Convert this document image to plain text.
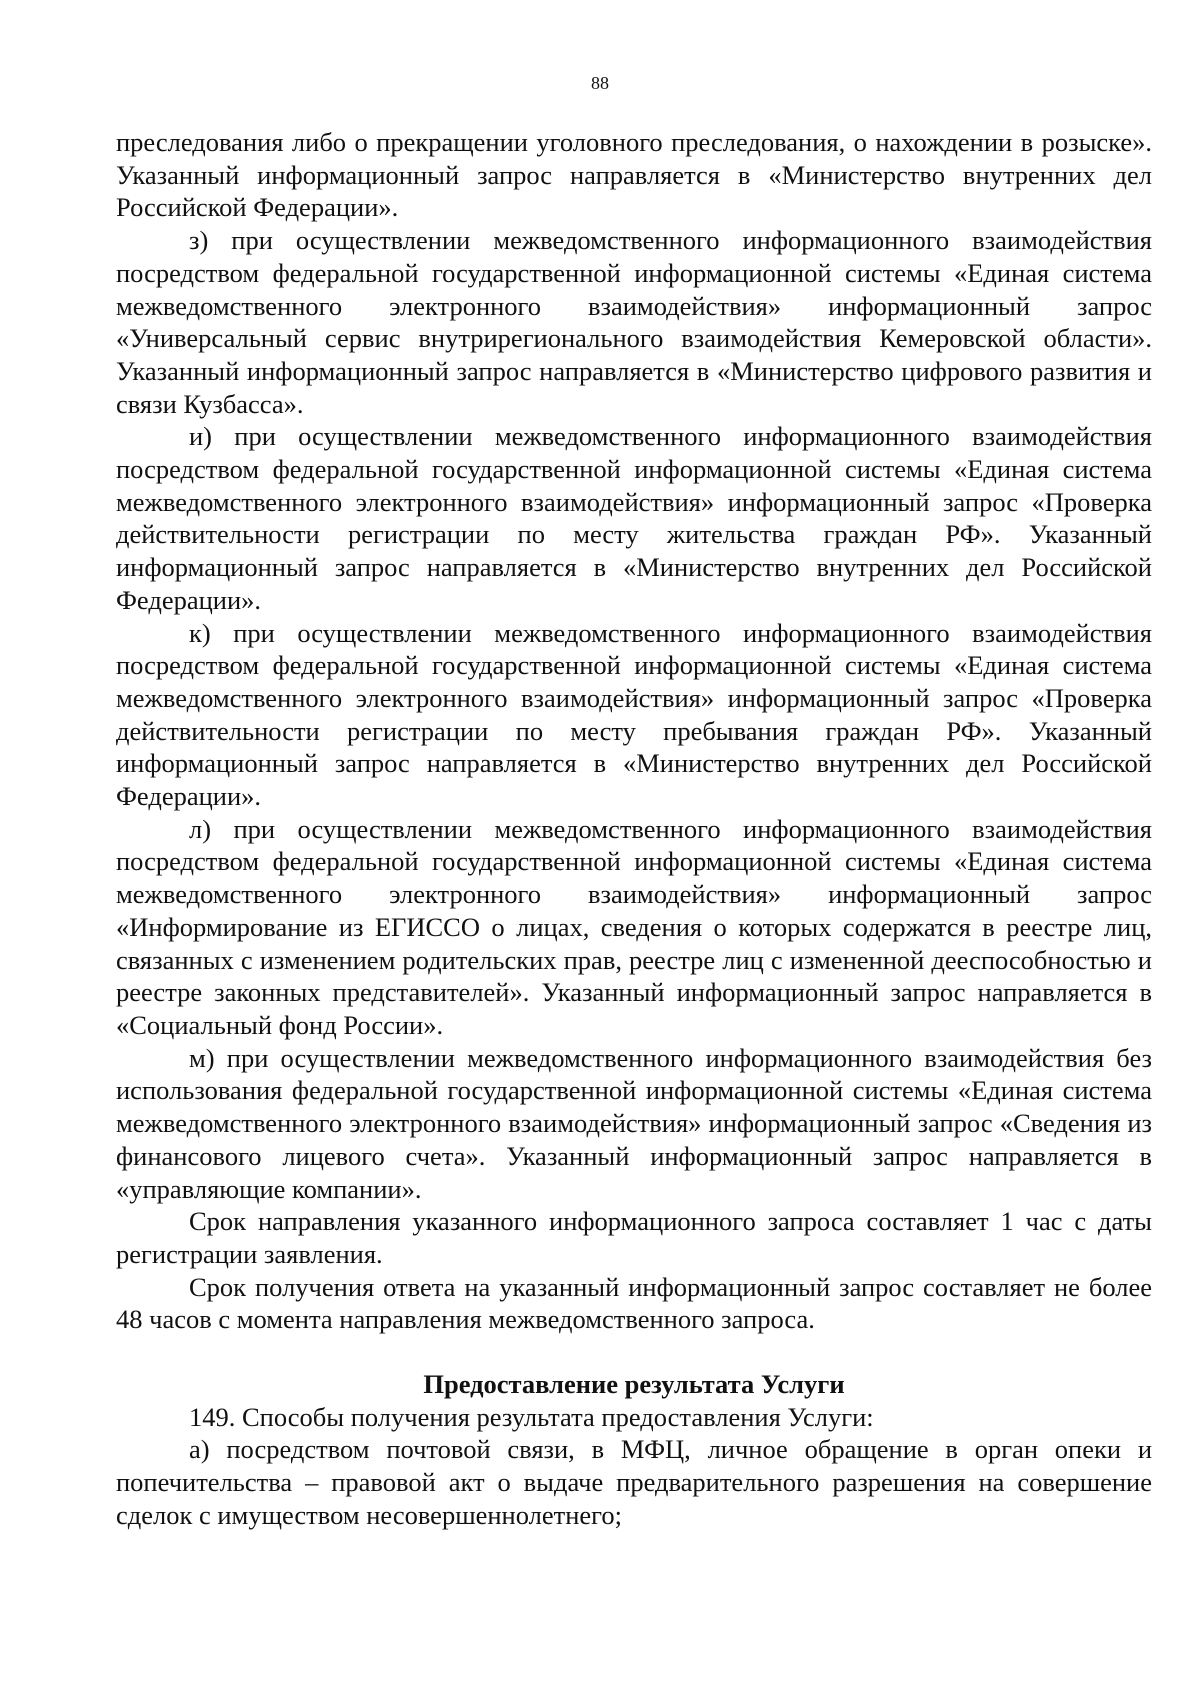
88

преследования либо о прекращении уголовного преследования, о нахождении в розыске». Указанный информационный запрос направляется в «Министерство внутренних дел Российской Федерации».

з) при осуществлении межведомственного информационного взаимодействия посредством федеральной государственной информационной системы «Единая система межведомственного электронного взаимодействия» информационный запрос «Универсальный сервис внутрирегионального взаимодействия Кемеровской области». Указанный информационный запрос направляется в «Министерство цифрового развития и связи Кузбасса».

и) при осуществлении межведомственного информационного взаимодействия посредством федеральной государственной информационной системы «Единая система межведомственного электронного взаимодействия» информационный запрос «Проверка действительности регистрации по месту жительства граждан РФ». Указанный информационный запрос направляется в «Министерство внутренних дел Российской Федерации».

к) при осуществлении межведомственного информационного взаимодействия посредством федеральной государственной информационной системы «Единая система межведомственного электронного взаимодействия» информационный запрос «Проверка действительности регистрации по месту пребывания граждан РФ». Указанный информационный запрос направляется в «Министерство внутренних дел Российской Федерации».

л) при осуществлении межведомственного информационного взаимодействия посредством федеральной государственной информационной системы «Единая система межведомственного электронного взаимодействия» информационный запрос «Информирование из ЕГИССО о лицах, сведения о которых содержатся в реестре лиц, связанных с изменением родительских прав, реестре лиц с измененной дееспособностью и реестре законных представителей». Указанный информационный запрос направляется в «Социальный фонд России».

м) при осуществлении межведомственного информационного взаимодействия без использования федеральной государственной информационной системы «Единая система межведомственного электронного взаимодействия» информационный запрос «Сведения из финансового лицевого счета». Указанный информационный запрос направляется в «управляющие компании».

Срок направления указанного информационного запроса составляет 1 час с даты регистрации заявления.

Срок получения ответа на указанный информационный запрос составляет не более 48 часов с момента направления межведомственного запроса.

Предоставление результата Услуги

149. Способы получения результата предоставления Услуги:

а) посредством почтовой связи, в МФЦ, личное обращение в орган опеки и попечительства – правовой акт о выдаче предварительного разрешения на совершение сделок с имуществом несовершеннолетнего;
